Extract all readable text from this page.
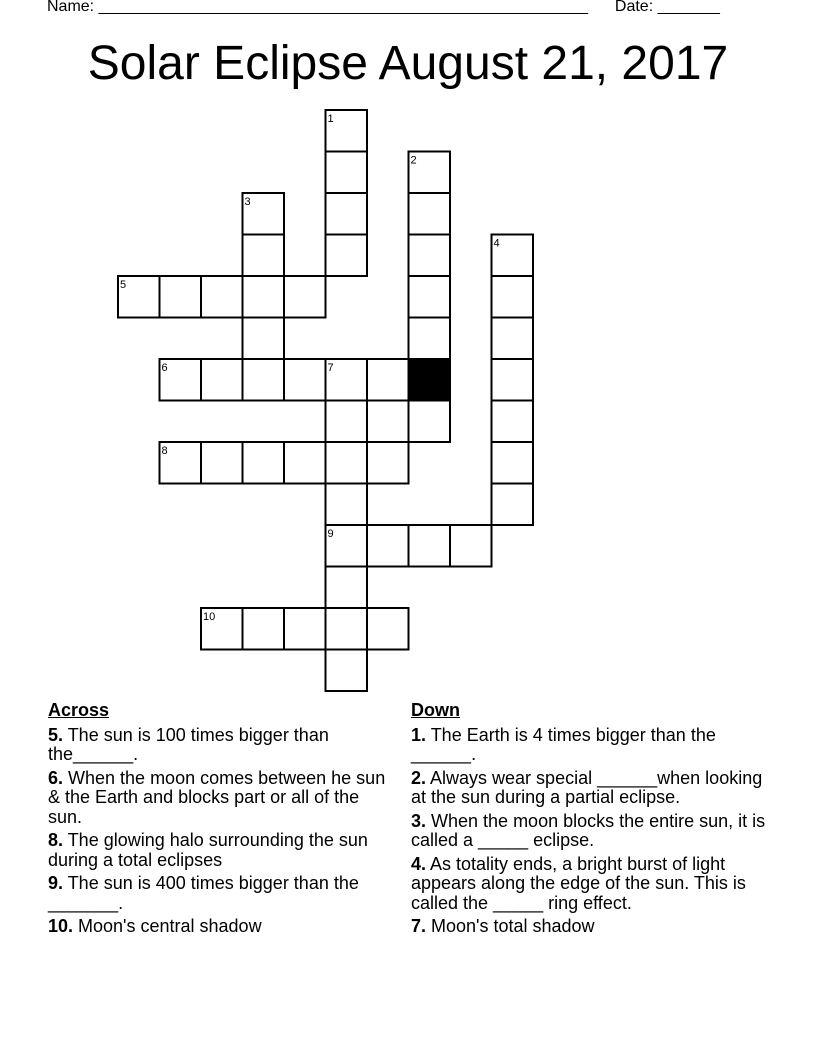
Name: _______________________________________________________ Date: _______
Solar Eclipse August 21, 2017
1
2
3
4
5
6	7
8
9
10
Across
5. The sun is 100 times bigger than the______.
6. When the moon comes between he sun & the Earth and blocks part or all of the sun.
8. The glowing halo surrounding the sun during a total eclipses
9. The sun is 400 times bigger than the _______.
10. Moon's central shadow
Down
1. The Earth is 4 times bigger than the ______.
2. Always wear special ______when looking at the sun during a partial eclipse.
3. When the moon blocks the entire sun, it is called a _____ eclipse.
4. As totality ends, a bright burst of light appears along the edge of the sun. This is called the _____ ring effect.
7. Moon's total shadow
